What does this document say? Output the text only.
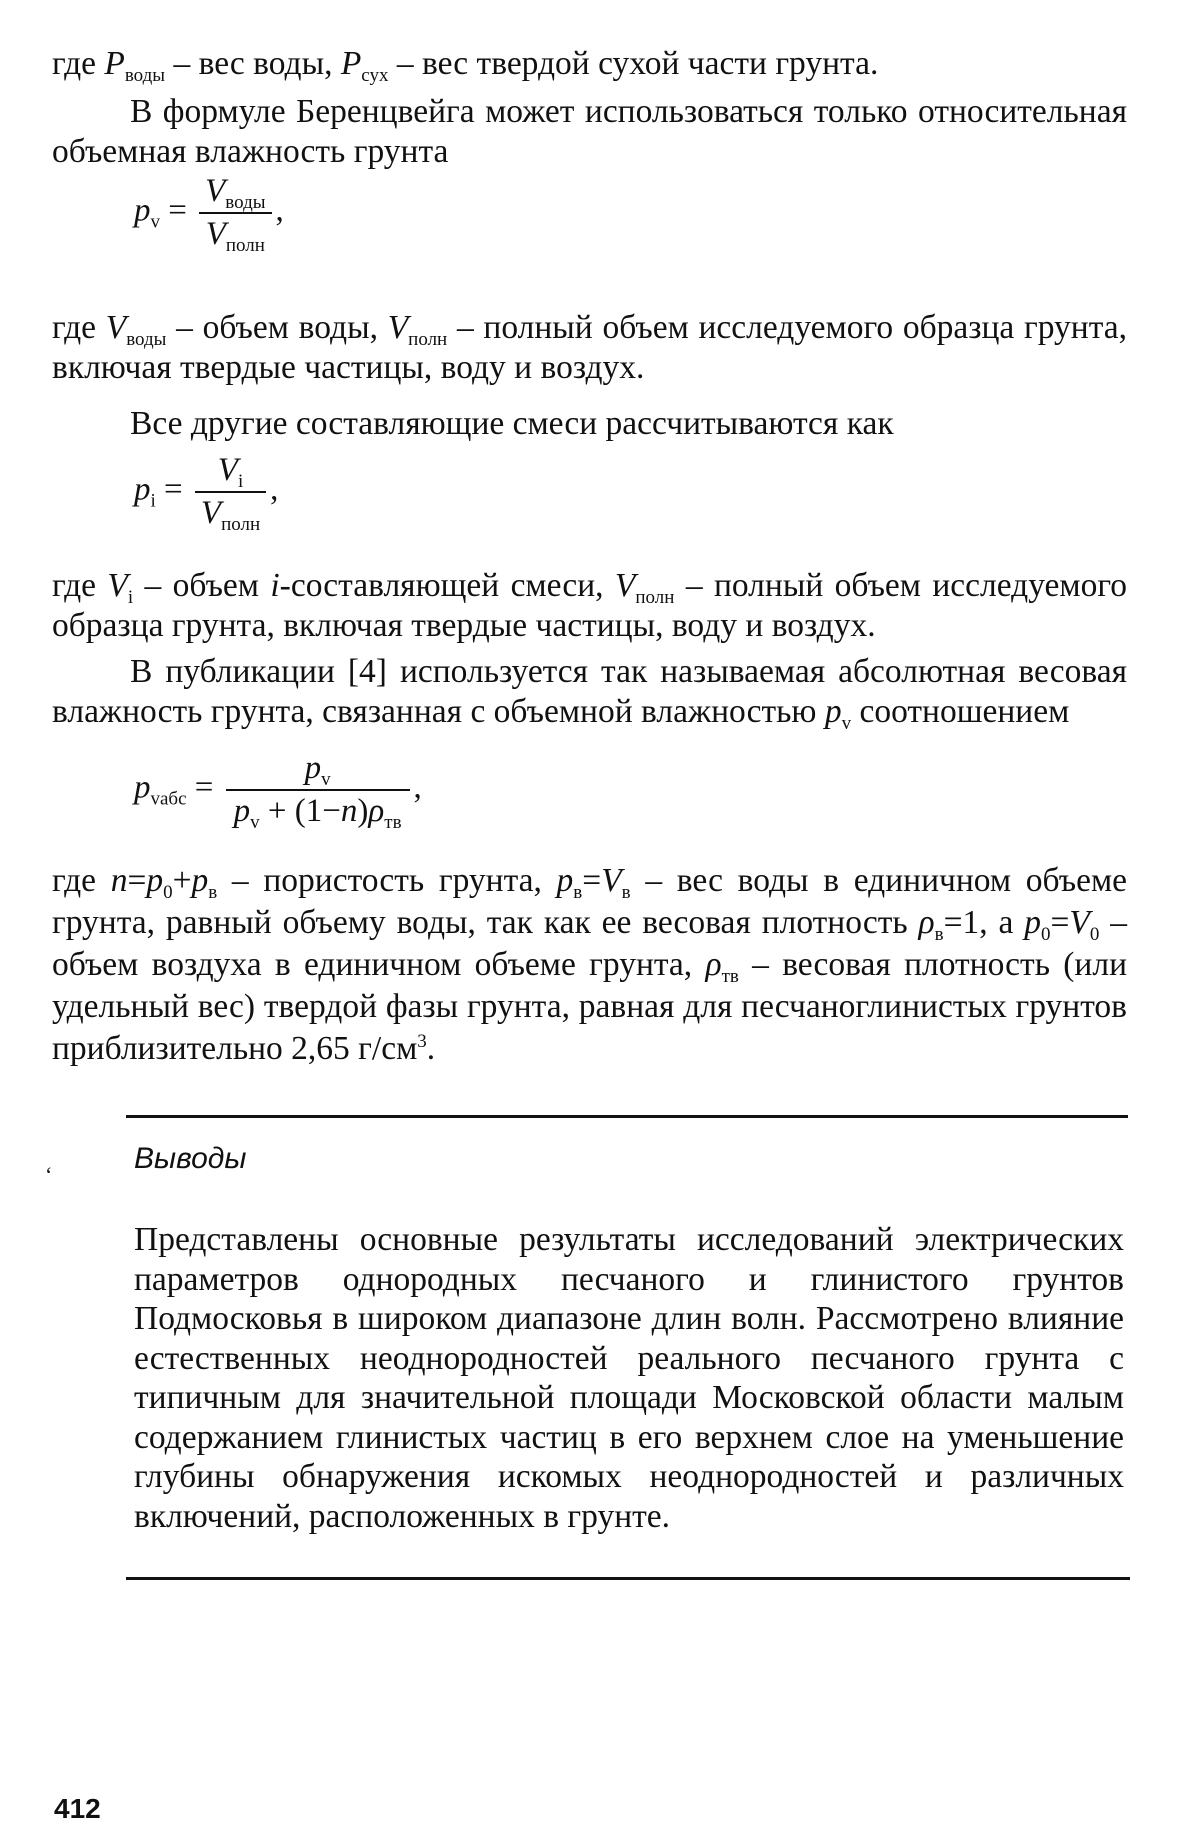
где $P_{воды}$ – вес воды, $P_{сух}$ – вес твердой сухой части грунта.

В формуле Беренцвейга может использоваться только относительная объемная влажность грунта

$p_v = \frac{V_{воды}}{V_{полн}}$ ,

где $V_{воды}$ – объем воды, $V_{полн}$ – полный объем исследуемого образца грунта, включая твердые частицы, воду и воздух.

Все другие составляющие смеси рассчитываются как

$p_i = \frac{V_i}{V_{полн}}$ ,

где $V_i$ – объем i-составляющей смеси, $V_{полн}$ – полный объем исследуемого образца грунта, включая твердые частицы, воду и воздух.

В публикации [4] используется так называемая абсолютная весовая влажность грунта, связанная с объемной влажностью $p_v$ соотношением

$p_{vабс} = \frac{p_v}{p_v + (1-n)\rho_{тв}}$ ,

где $n=p_0+p_в$ – пористость грунта, $p_в=V_в$ – вес воды в единичном объеме грунта, равный объему воды, так как ее весовая плотность $\rho_в=1$, а $p_0=V_0$ – объем воздуха в единичном объеме грунта, $\rho_{тв}$ – весовая плотность (или удельный вес) твердой фазы грунта, равная для песчаноглинистых грунтов приблизительно 2,65 $г/см^3$.

‘	Выводы

Представлены основные результаты исследований электрических параметров однородных песчаного и глинистого грунтов Подмосковья в широком диапазоне длин волн. Рассмотрено влияние естественных неоднородностей реального песчаного грунта с типичным для значительной площади Московской области малым содержанием глинистых частиц в его верхнем слое на уменьшение глубины обнаружения искомых неоднородностей и различных включений, расположенных в грунте.

412
